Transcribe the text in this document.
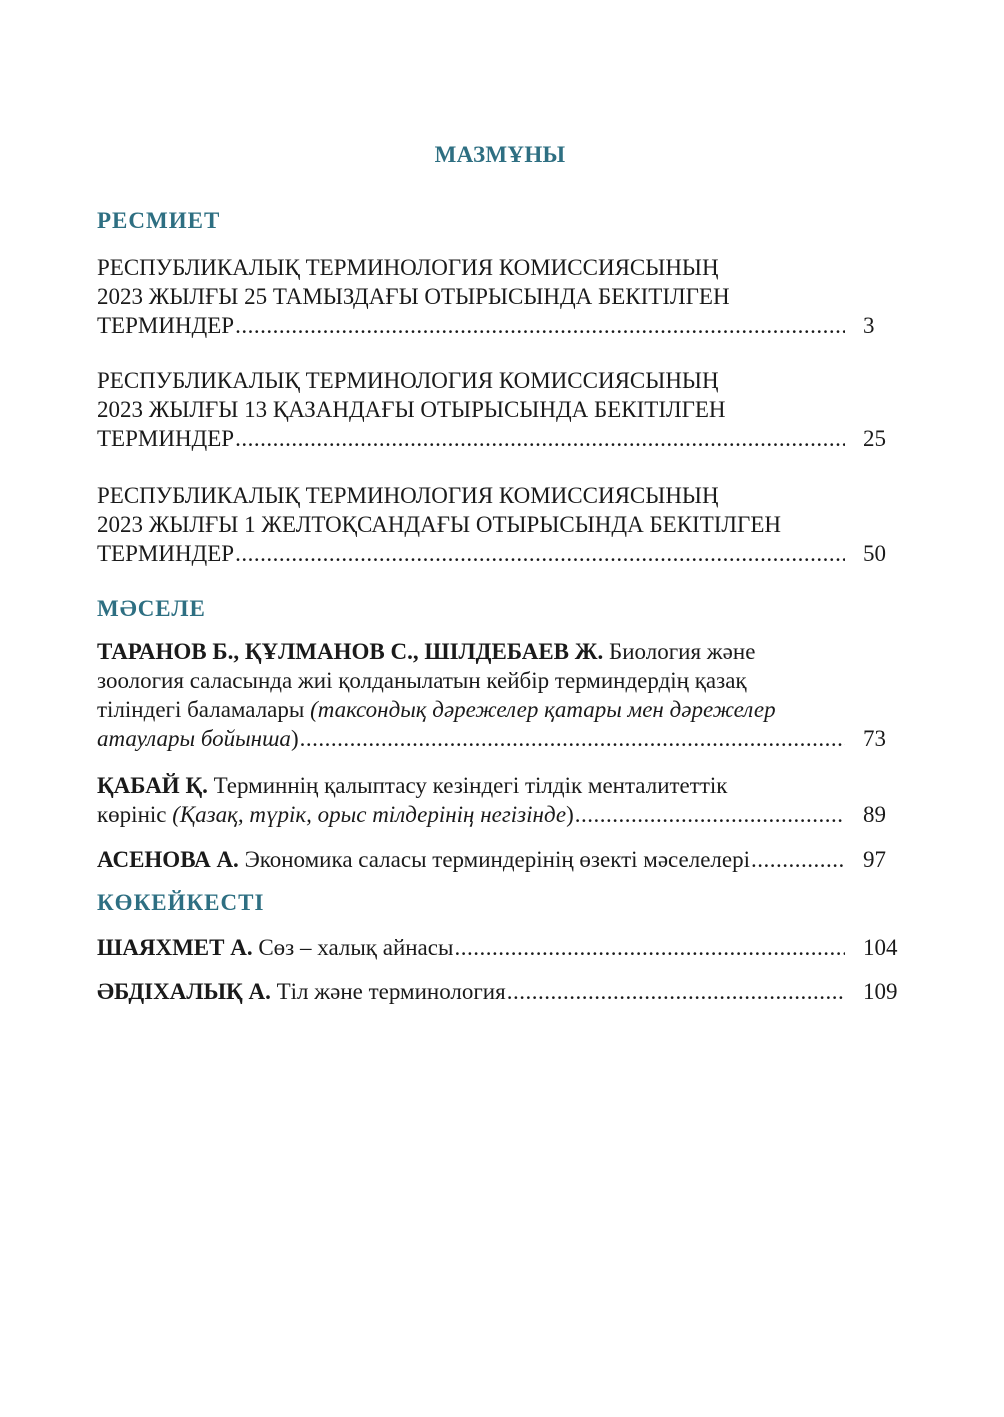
МАЗМҰНЫ
РЕСМИЕТ
РЕСПУБЛИКАЛЫҚ ТЕРМИНОЛОГИЯ КОМИССИЯСЫНЫҢ
2023 ЖЫЛҒЫ 25 ТАМЫЗДАҒЫ ОТЫРЫСЫНДА БЕКІТІЛГЕН
ТЕРМИНДЕР .....	3
РЕСПУБЛИКАЛЫҚ ТЕРМИНОЛОГИЯ КОМИССИЯСЫНЫҢ
2023 ЖЫЛҒЫ 13 ҚАЗАНДАҒЫ ОТЫРЫСЫНДА БЕКІТІЛГЕН
ТЕРМИНДЕР .....	25
РЕСПУБЛИКАЛЫҚ ТЕРМИНОЛОГИЯ КОМИССИЯСЫНЫҢ
2023 ЖЫЛҒЫ 1 ЖЕЛТОҚСАНДАҒЫ ОТЫРЫСЫНДА БЕКІТІЛГЕН
ТЕРМИНДЕР .....	50
МӘСЕЛЕ
ТАРАНОВ Б., ҚҰЛМАНОВ С., ШІЛДЕБАЕВ Ж. Биология және
зоология саласында жиі қолданылатын кейбір терминдердің қазақ
тіліндегі баламалары (таксондық дәрежелер қатары мен дәрежелер
атаулары бойынша ) .....	73
ҚАБАЙ Қ. Терминнің қалыптасу кезіндегі тілдік менталитеттік
көрініс
(Қазақ, түрік, орыс тілдерінің негізінде ) .....	89
АСЕНОВА А.
Экономика саласы терминдерінің өзекті мәселелері .....	97
КӨКЕЙКЕСТІ
ШАЯХМЕТ А.
Сөз – халық айнасы .....	104
ӘБДІХАЛЫҚ А.
Тіл және терминология .....	109
